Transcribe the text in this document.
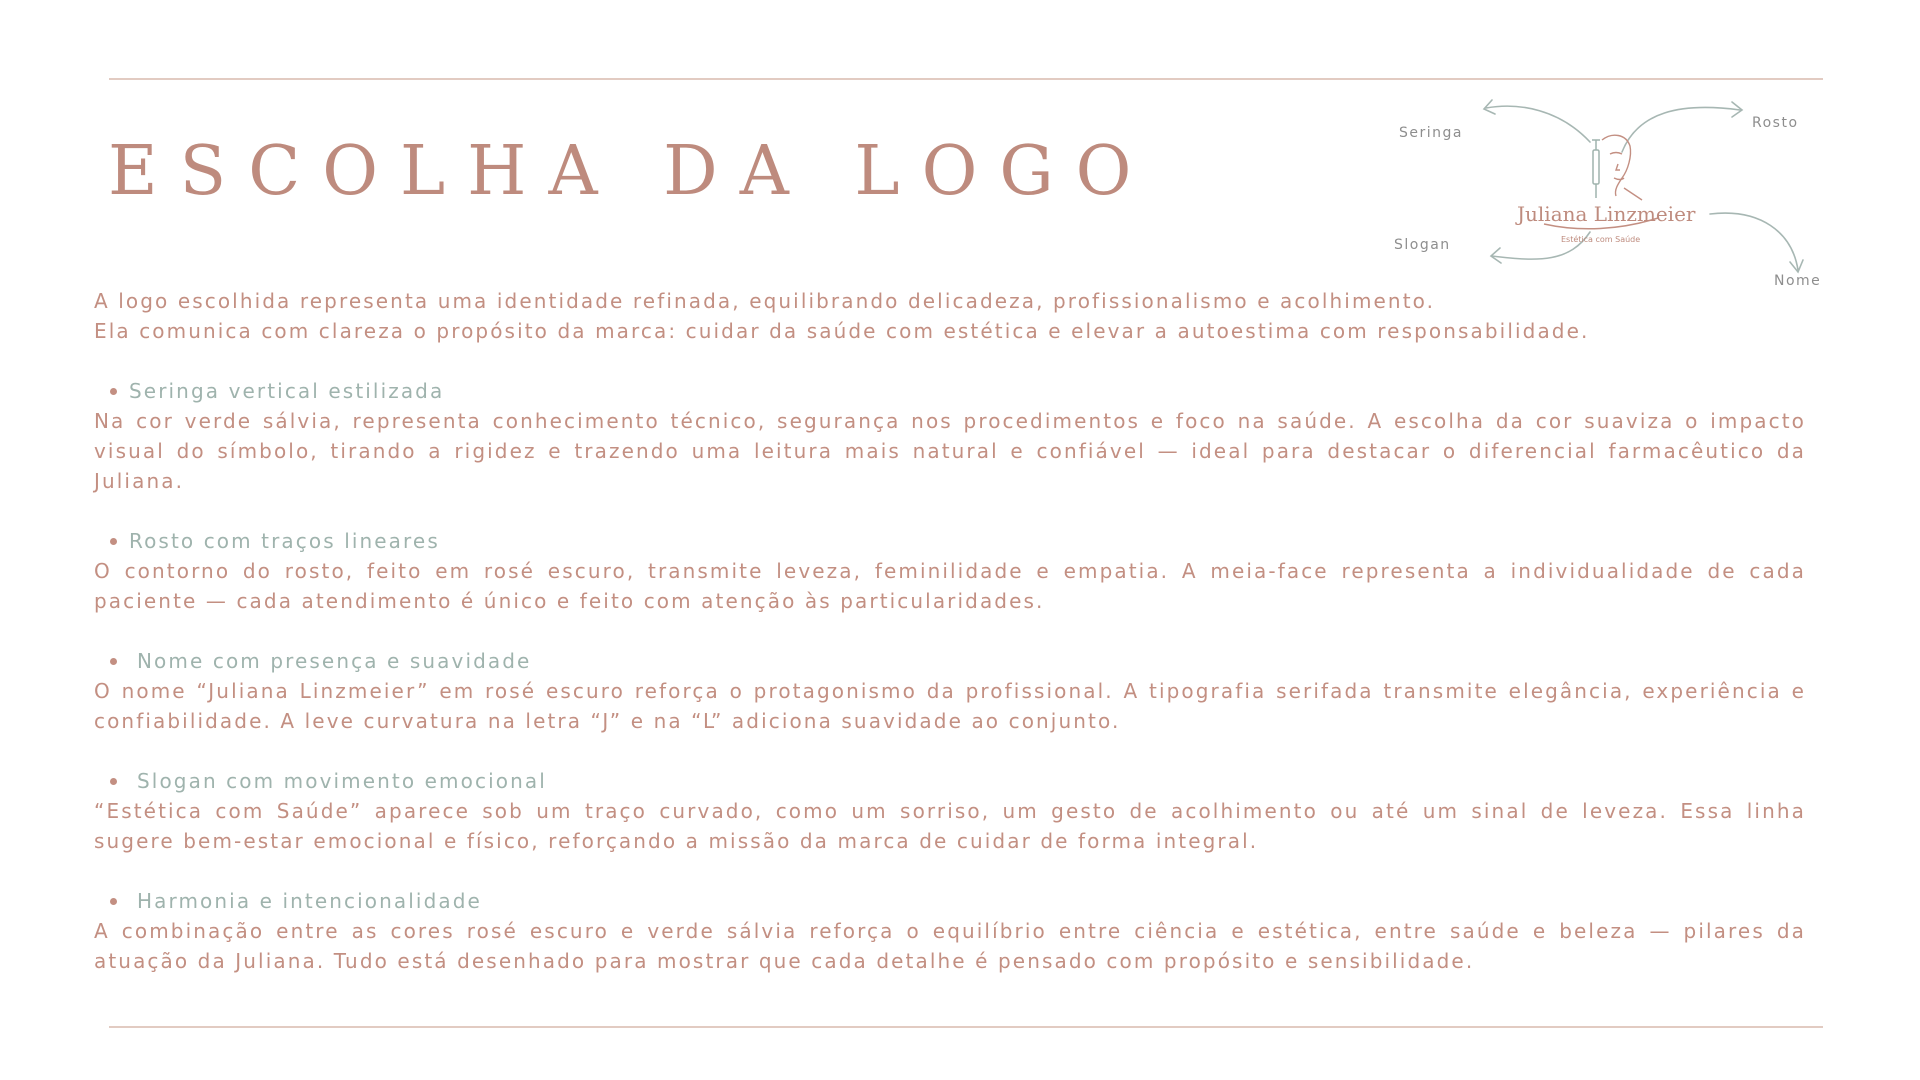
ESCOLHA DA LOGO	Seringa
Rosto
Slogan
Nome
Juliana Linzmeier
Estética com Saúde

A logo escolhida representa uma identidade refinada, equilibrando delicadeza, profissionalismo e acolhimento.
Ela comunica com clareza o propósito da marca: cuidar da saúde com estética e elevar a autoestima com responsabilidade.

Seringa vertical estilizada

Na cor verde sálvia, representa conhecimento técnico, segurança nos procedimentos e foco na saúde. A escolha da cor suaviza o impacto visual do símbolo, tirando a rigidez e trazendo uma leitura mais natural e confiável — ideal para destacar o diferencial farmacêutico da Juliana.

Rosto com traços lineares

O contorno do rosto, feito em rosé escuro, transmite leveza, feminilidade e empatia. A meia-face representa a individualidade de cada paciente — cada atendimento é único e feito com atenção às particularidades.

Nome com presença e suavidade

O nome “Juliana Linzmeier” em rosé escuro reforça o protagonismo da profissional. A tipografia serifada transmite elegância, experiência e confiabilidade. A leve curvatura na letra “J” e na “L” adiciona suavidade ao conjunto.

Slogan com movimento emocional

“Estética com Saúde” aparece sob um traço curvado, como um sorriso, um gesto de acolhimento ou até um sinal de leveza. Essa linha sugere bem-estar emocional e físico, reforçando a missão da marca de cuidar de forma integral.

Harmonia e intencionalidade

A combinação entre as cores rosé escuro e verde sálvia reforça o equilíbrio entre ciência e estética, entre saúde e beleza — pilares da atuação da Juliana. Tudo está desenhado para mostrar que cada detalhe é pensado com propósito e sensibilidade.
